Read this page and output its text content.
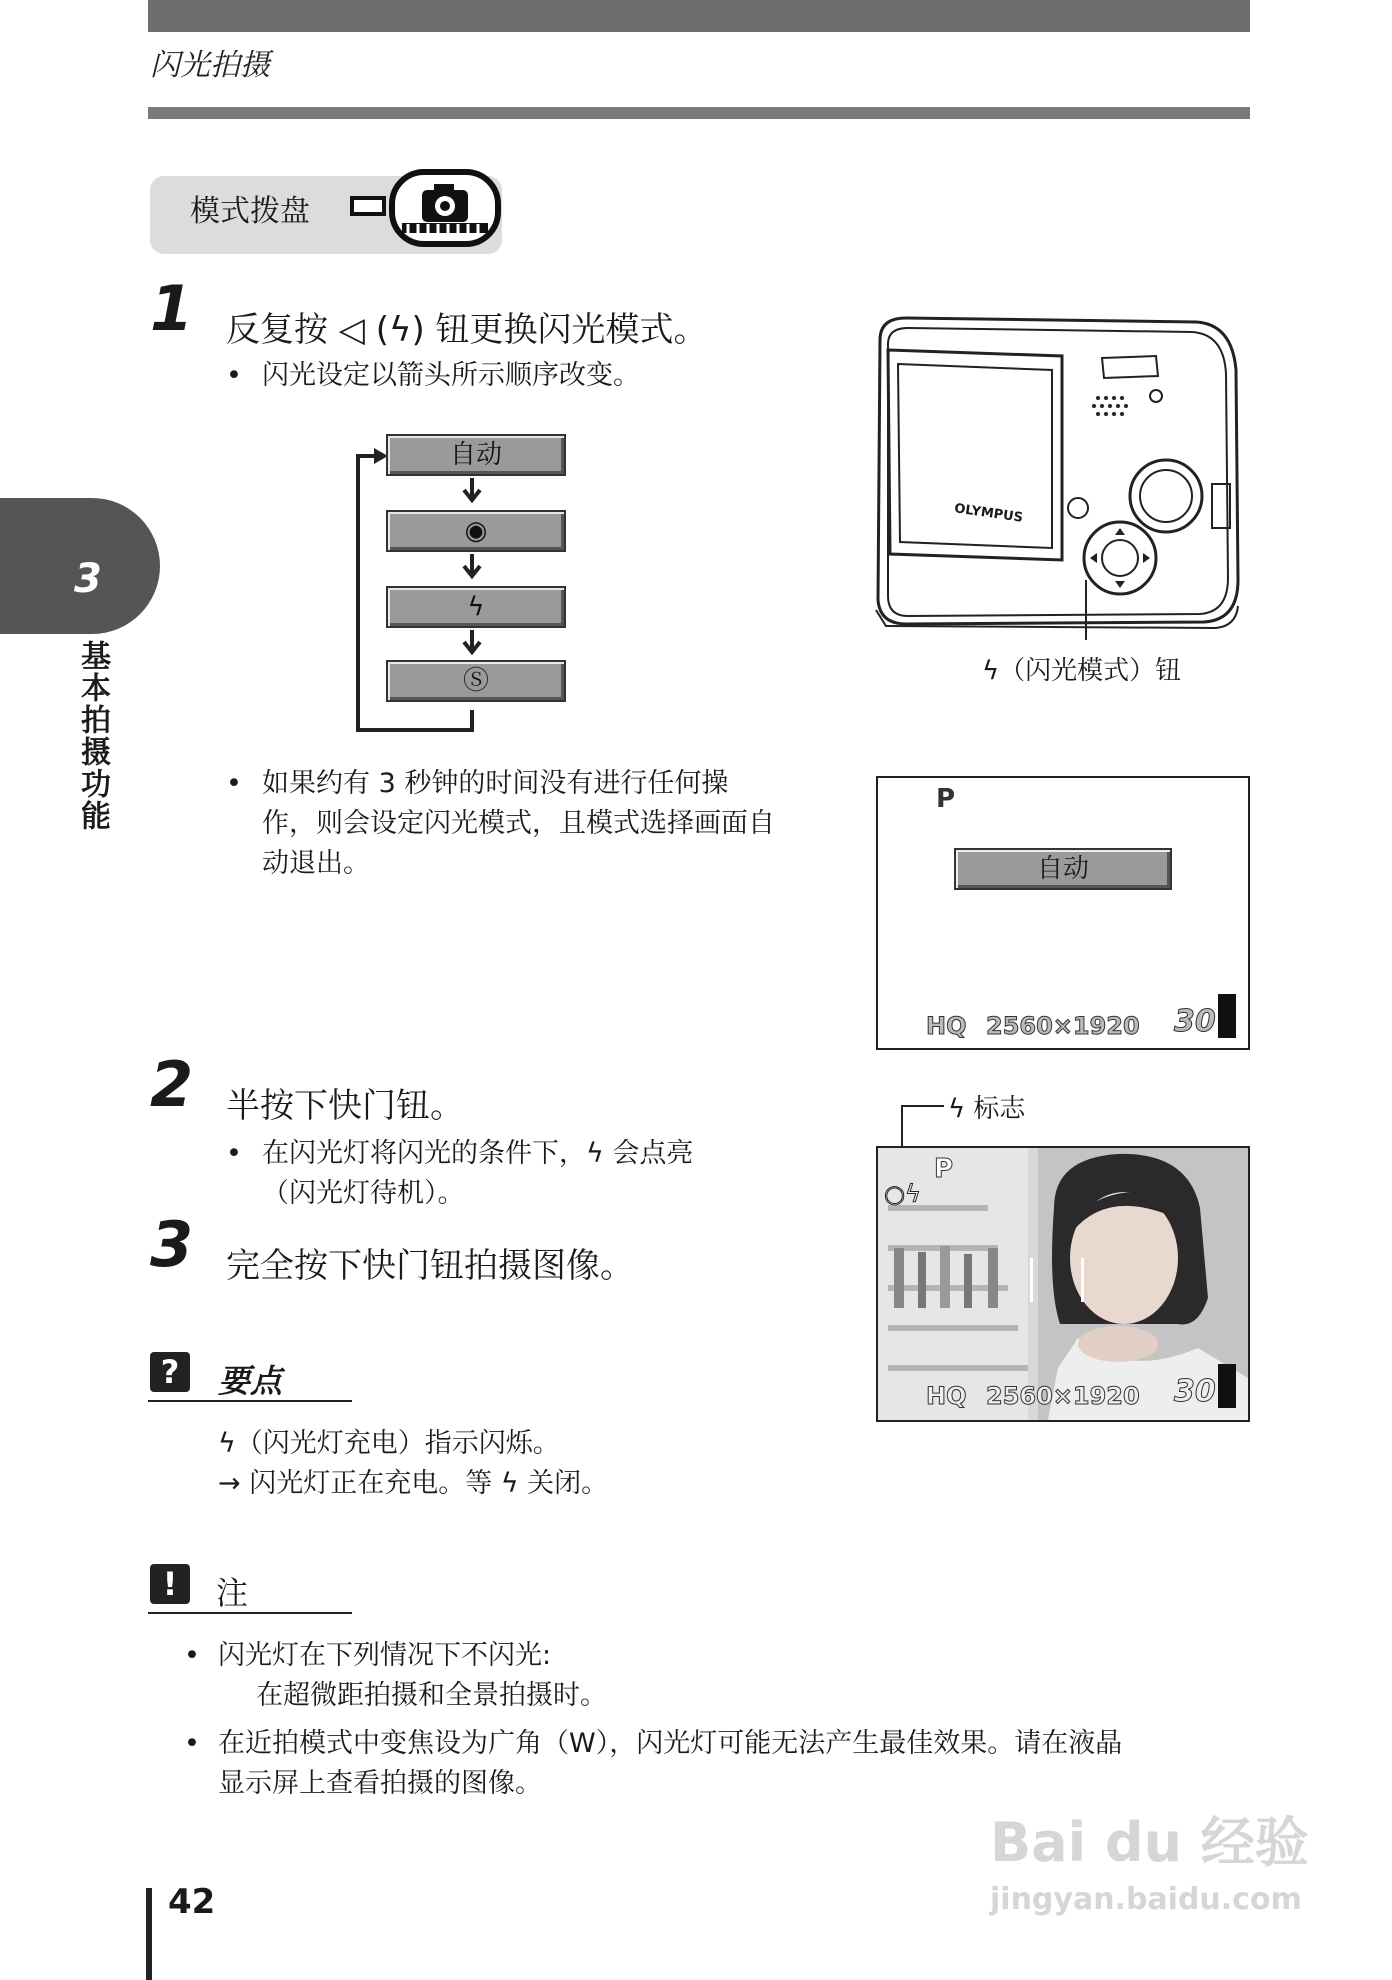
闪光拍摄
3
基本拍摄功能
模式拨盘
1 反复按 ◁ (ϟ) 钮更换闪光模式。
• 闪光设定以箭头所示顺序改变。
自动
◉
ϟ
Ⓢ
• 如果约有 3 秒钟的时间没有进行任何操
作，则会设定闪光模式，且模式选择画面自
动退出。
OLYMPUS
ϟ（闪光模式）钮
P
自动
HQ 2560×1920 30
2 半按下快门钮。
• 在闪光灯将闪光的条件下，ϟ 会点亮
（闪光灯待机）。
3 完全按下快门钮拍摄图像。
ϟ 标志
P
○ϟ
HQ 2560×1920 30
?	要点
ϟ（闪光灯充电）指示闪烁。
→ 闪光灯正在充电。等 ϟ 关闭。
!	注
• 闪光灯在下列情况下不闪光:
在超微距拍摄和全景拍摄时。
• 在近拍模式中变焦设为广角（W），闪光灯可能无法产生最佳效果。请在液晶
显示屏上查看拍摄的图像。
42
Bai du 经验
jingyan.baidu.com
